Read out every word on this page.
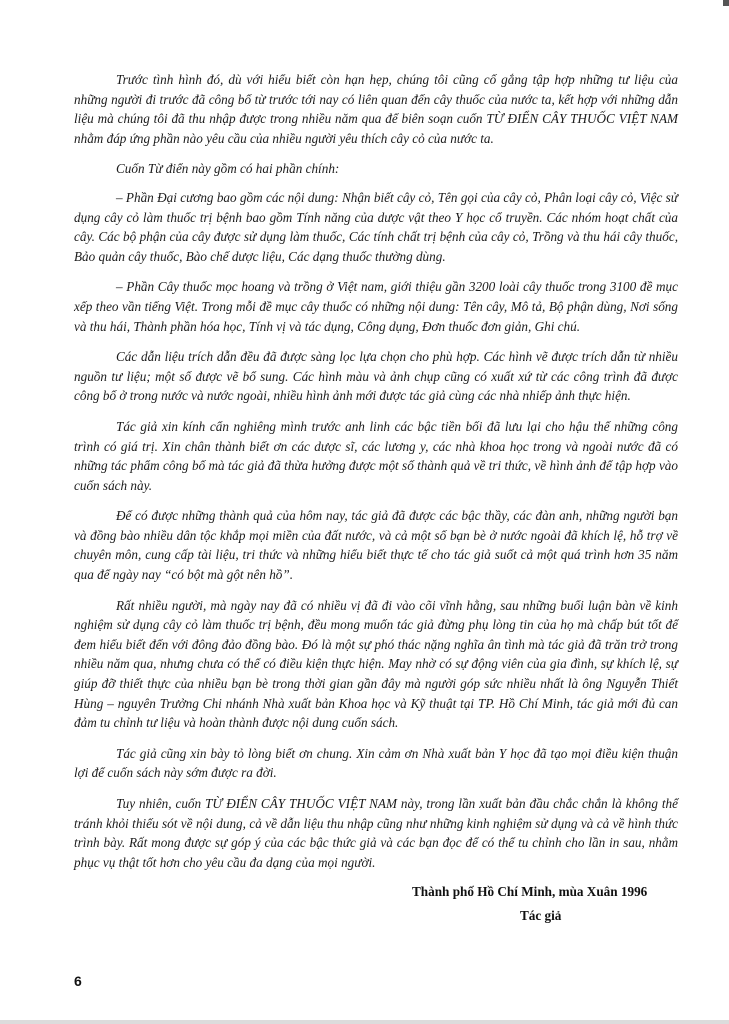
Trước tình hình đó, dù với hiểu biết còn hạn hẹp, chúng tôi cũng cố gắng tập hợp những tư liệu của những người đi trước đã công bố từ trước tới nay có liên quan đến cây thuốc của nước ta, kết hợp với những dẫn liệu mà chúng tôi đã thu nhập được trong nhiều năm qua để biên soạn cuốn TỪ ĐIỂN CÂY THUỐC VIỆT NAM nhằm đáp ứng phần nào yêu cầu của nhiều người yêu thích cây cỏ của nước ta.

Cuốn Từ điển này gồm có hai phần chính:

– Phần Đại cương bao gồm các nội dung: Nhận biết cây cỏ, Tên gọi của cây cỏ, Phân loại cây cỏ, Việc sử dụng cây cỏ làm thuốc trị bệnh bao gồm Tính năng của dược vật theo Y học cổ truyền. Các nhóm hoạt chất của cây. Các bộ phận của cây được sử dụng làm thuốc, Các tính chất trị bệnh của cây cỏ, Trồng và thu hái cây thuốc, Bảo quản cây thuốc, Bào chế dược liệu, Các dạng thuốc thường dùng.

– Phần Cây thuốc mọc hoang và trồng ở Việt nam, giới thiệu gần 3200 loài cây thuốc trong 3100 đề mục xếp theo vần tiếng Việt. Trong mỗi đề mục cây thuốc có những nội dung: Tên cây, Mô tả, Bộ phận dùng, Nơi sống và thu hái, Thành phần hóa học, Tính vị và tác dụng, Công dụng, Đơn thuốc đơn giản, Ghi chú.

Các dẫn liệu trích dẫn đều đã được sàng lọc lựa chọn cho phù hợp. Các hình vẽ được trích dẫn từ nhiều nguồn tư liệu; một số được vẽ bổ sung. Các hình màu và ảnh chụp cũng có xuất xứ từ các công trình đã được công bố ở trong nước và nước ngoài, nhiều hình ảnh mới được tác giả cùng các nhà nhiếp ảnh thực hiện.

Tác giả xin kính cẩn nghiêng mình trước anh linh các bậc tiền bối đã lưu lại cho hậu thế những công trình có giá trị. Xin chân thành biết ơn các dược sĩ, các lương y, các nhà khoa học trong và ngoài nước đã có những tác phẩm công bố mà tác giả đã thừa hưởng được một số thành quả về tri thức, về hình ảnh để tập hợp vào cuốn sách này.

Để có được những thành quả của hôm nay, tác giả đã được các bậc thầy, các đàn anh, những người bạn và đồng bào nhiều dân tộc khắp mọi miền của đất nước, và cả một số bạn bè ở nước ngoài đã khích lệ, hỗ trợ về chuyên môn, cung cấp tài liệu, tri thức và những hiểu biết thực tế cho tác giả suốt cả một quá trình hơn 35 năm qua để ngày nay “có bột mà gột nên hồ”.

Rất nhiều người, mà ngày nay đã có nhiều vị đã đi vào cõi vĩnh hằng, sau những buổi luận bàn về kinh nghiệm sử dụng cây cỏ làm thuốc trị bệnh, đều mong muốn tác giả đừng phụ lòng tin của họ mà chấp bút tốt để đem hiểu biết đến với đông đảo đồng bào. Đó là một sự phó thác nặng nghĩa ân tình mà tác giả đã trăn trở trong nhiều năm qua, nhưng chưa có thể có điều kiện thực hiện. May nhờ có sự động viên của gia đình, sự khích lệ, sự giúp đỡ thiết thực của nhiều bạn bè trong thời gian gần đây mà người góp sức nhiều nhất là ông Nguyễn Thiết Hùng – nguyên Trưởng Chi nhánh Nhà xuất bản Khoa học và Kỹ thuật tại TP. Hồ Chí Minh, tác giả mới đủ can đảm tu chỉnh tư liệu và hoàn thành được nội dung cuốn sách.

Tác giả cũng xin bày tỏ lòng biết ơn chung. Xin cảm ơn Nhà xuất bản Y học đã tạo mọi điều kiện thuận lợi để cuốn sách này sớm được ra đời.

Tuy nhiên, cuốn TỪ ĐIỂN CÂY THUỐC VIỆT NAM này, trong lần xuất bản đầu chắc chắn là không thể tránh khỏi thiếu sót về nội dung, cả về dẫn liệu thu nhập cũng như những kinh nghiệm sử dụng và cả về hình thức trình bày. Rất mong được sự góp ý của các bậc thức giả và các bạn đọc để có thể tu chỉnh cho lần in sau, nhằm phục vụ thật tốt hơn cho yêu cầu đa dạng của mọi người.

Thành phố Hồ Chí Minh, mùa Xuân 1996
Tác giả
6
